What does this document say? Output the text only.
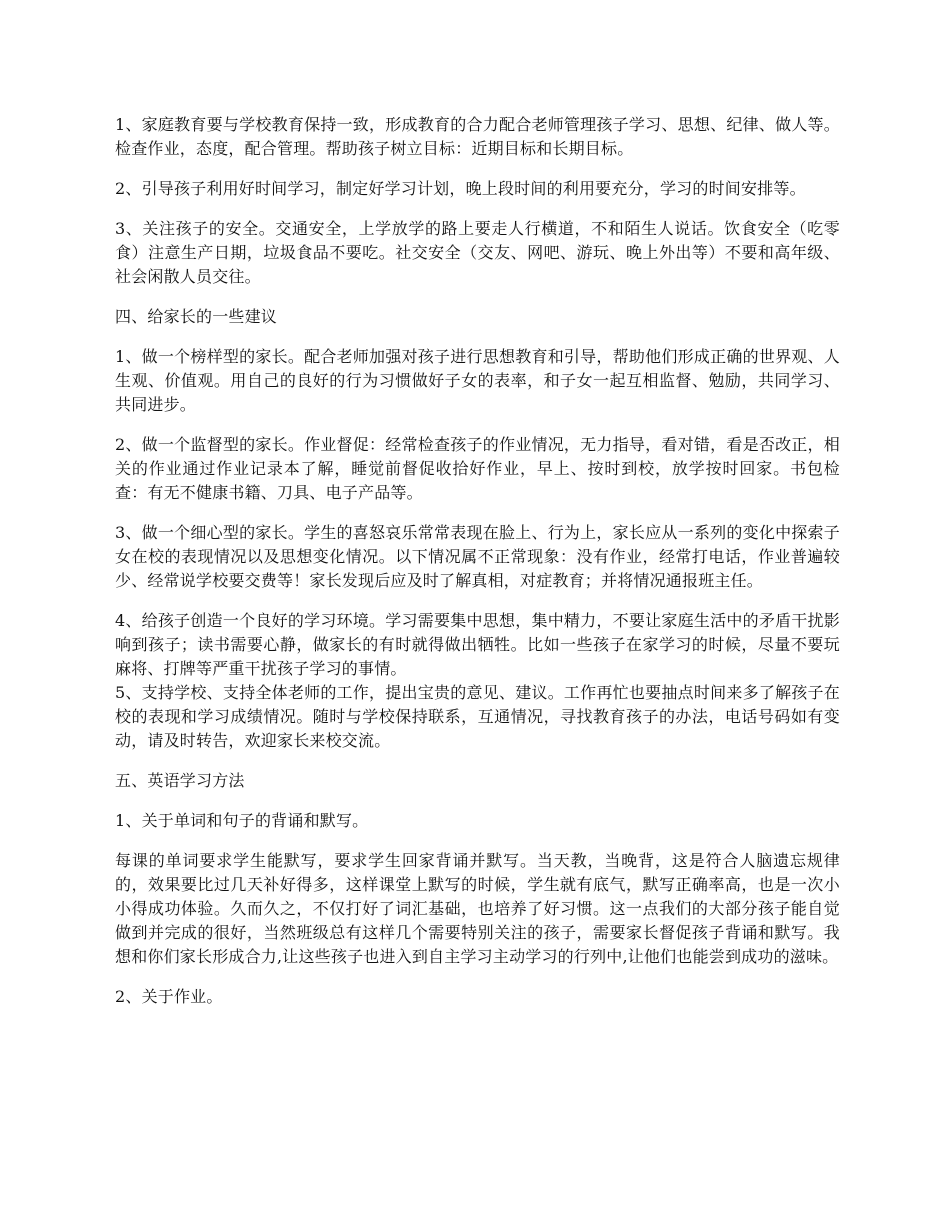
1、家庭教育要与学校教育保持一致，形成教育的合力配合老师管理孩子学习、思想、纪律、做人等。检查作业，态度，配合管理。帮助孩子树立目标：近期目标和长期目标。

2、引导孩子利用好时间学习，制定好学习计划，晚上段时间的利用要充分，学习的时间安排等。

3、关注孩子的安全。交通安全，上学放学的路上要走人行横道，不和陌生人说话。饮食安全（吃零食）注意生产日期，垃圾食品不要吃。社交安全（交友、网吧、游玩、晚上外出等）不要和高年级、社会闲散人员交往。

四、给家长的一些建议

1、做一个榜样型的家长。配合老师加强对孩子进行思想教育和引导，帮助他们形成正确的世界观、人生观、价值观。用自己的良好的行为习惯做好子女的表率，和子女一起互相监督、勉励，共同学习、共同进步。

2、做一个监督型的家长。作业督促：经常检查孩子的作业情况，无力指导，看对错，看是否改正，相关的作业通过作业记录本了解，睡觉前督促收拾好作业，早上、按时到校，放学按时回家。书包检查：有无不健康书籍、刀具、电子产品等。

3、做一个细心型的家长。学生的喜怒哀乐常常表现在脸上、行为上，家长应从一系列的变化中探索子女在校的表现情况以及思想变化情况。以下情况属不正常现象：没有作业，经常打电话，作业普遍较少、经常说学校要交费等！家长发现后应及时了解真相，对症教育；并将情况通报班主任。

4、给孩子创造一个良好的学习环境。学习需要集中思想，集中精力，不要让家庭生活中的矛盾干扰影响到孩子；读书需要心静，做家长的有时就得做出牺牲。比如一些孩子在家学习的时候，尽量不要玩麻将、打牌等严重干扰孩子学习的事情。

5、支持学校、支持全体老师的工作，提出宝贵的意见、建议。工作再忙也要抽点时间来多了解孩子在校的表现和学习成绩情况。随时与学校保持联系，互通情况，寻找教育孩子的办法，电话号码如有变动，请及时转告，欢迎家长来校交流。

五、英语学习方法

1、关于单词和句子的背诵和默写。

每课的单词要求学生能默写，要求学生回家背诵并默写。当天教，当晚背，这是符合人脑遗忘规律的，效果要比过几天补好得多，这样课堂上默写的时候，学生就有底气，默写正确率高，也是一次小小得成功体验。久而久之，不仅打好了词汇基础，也培养了好习惯。这一点我们的大部分孩子能自觉做到并完成的很好，当然班级总有这样几个需要特别关注的孩子，需要家长督促孩子背诵和默写。我想和你们家长形成合力,让这些孩子也进入到自主学习主动学习的行列中,让他们也能尝到成功的滋味。

2、关于作业。
